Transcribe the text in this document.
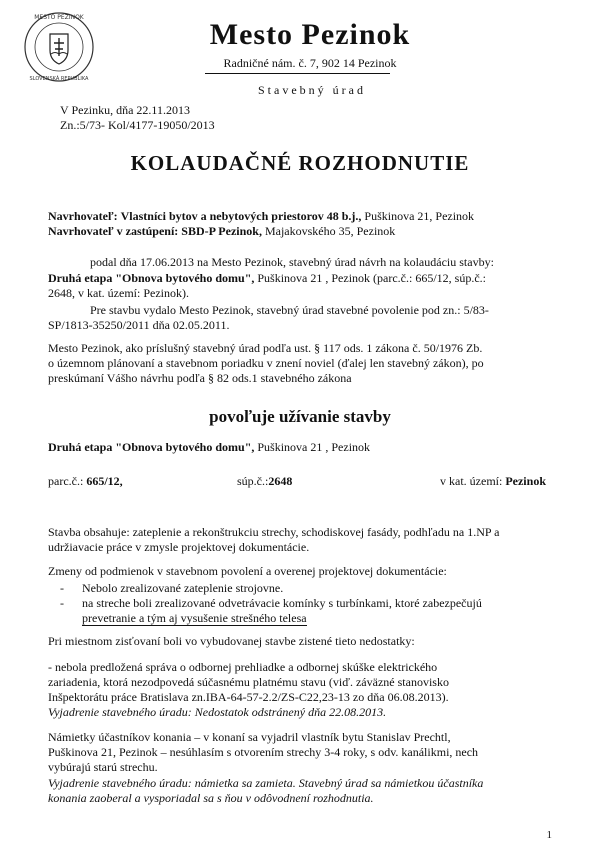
MESTO PEZINOK
SLOVENSKÁ REPUBLIKA
Mesto Pezinok
Radničné nám. č. 7, 902 14 Pezinok
Stavebný úrad
V Pezinku, dňa 22.11.2013
Zn.:5/73- Kol/4177-19050/2013
KOLAUDAČNÉ ROZHODNUTIE
Navrhovateľ: Vlastníci bytov a nebytových priestorov 48 b.j., Puškinova 21, Pezinok
Navrhovateľ v zastúpení: SBD-P Pezinok, Majakovského 35, Pezinok
podal dňa 17.06.2013 na Mesto Pezinok, stavebný úrad návrh na kolaudáciu stavby:
Druhá etapa "Obnova bytového domu", Puškinova 21 , Pezinok (parc.č.: 665/12, súp.č.:
2648, v kat. území: Pezinok).
Pre stavbu vydalo Mesto Pezinok, stavebný úrad stavebné povolenie pod zn.: 5/83-
SP/1813-35250/2011 dňa 02.05.2011.
Mesto Pezinok, ako príslušný stavebný úrad podľa ust. § 117 ods. 1 zákona č. 50/1976 Zb.
o územnom plánovaní a stavebnom poriadku v znení noviel (ďalej len stavebný zákon), po
preskúmaní Vášho návrhu podľa § 82 ods.1 stavebného zákona
povoľuje užívanie stavby
Druhá etapa "Obnova bytového domu", Puškinova 21 , Pezinok
parc.č.: 665/12,	súp.č.:2648	v kat. území: Pezinok
Stavba obsahuje: zateplenie a rekonštrukciu strechy, schodiskovej fasády, podhľadu na 1.NP a
udržiavacie práce v zmysle projektovej dokumentácie.
Zmeny od podmienok v stavebnom povolení a overenej projektovej dokumentácie:
-	Nebolo zrealizované zateplenie strojovne.
-	na streche boli zrealizované odvetrávacie komínky s turbínkami, ktoré zabezpečujú
prevetranie a tým aj vysušenie strešného telesa
Pri miestnom zisťovaní boli vo vybudovanej stavbe zistené tieto nedostatky:
- nebola predložená správa o odbornej prehliadke a odbornej skúške elektrického
zariadenia, ktorá nezodpovedá súčasnému platnému stavu (viď. záväzné stanovisko
Inšpektorátu práce Bratislava zn.IBA-64-57-2.2/ZS-C22,23-13 zo dňa 06.08.2013).
Vyjadrenie stavebného úradu: Nedostatok odstránený dňa 22.08.2013.
Námietky účastníkov konania – v konaní sa vyjadril vlastník bytu Stanislav Prechtl,
Puškinova 21, Pezinok – nesúhlasím s otvorením strechy 3-4 roky, s odv. kanálikmi, nech
vybúrajú starú strechu.
Vyjadrenie stavebného úradu: námietka sa zamieta. Stavebný úrad sa námietkou účastníka
konania zaoberal a vysporiadal sa s ňou v odôvodnení rozhodnutia.
1
